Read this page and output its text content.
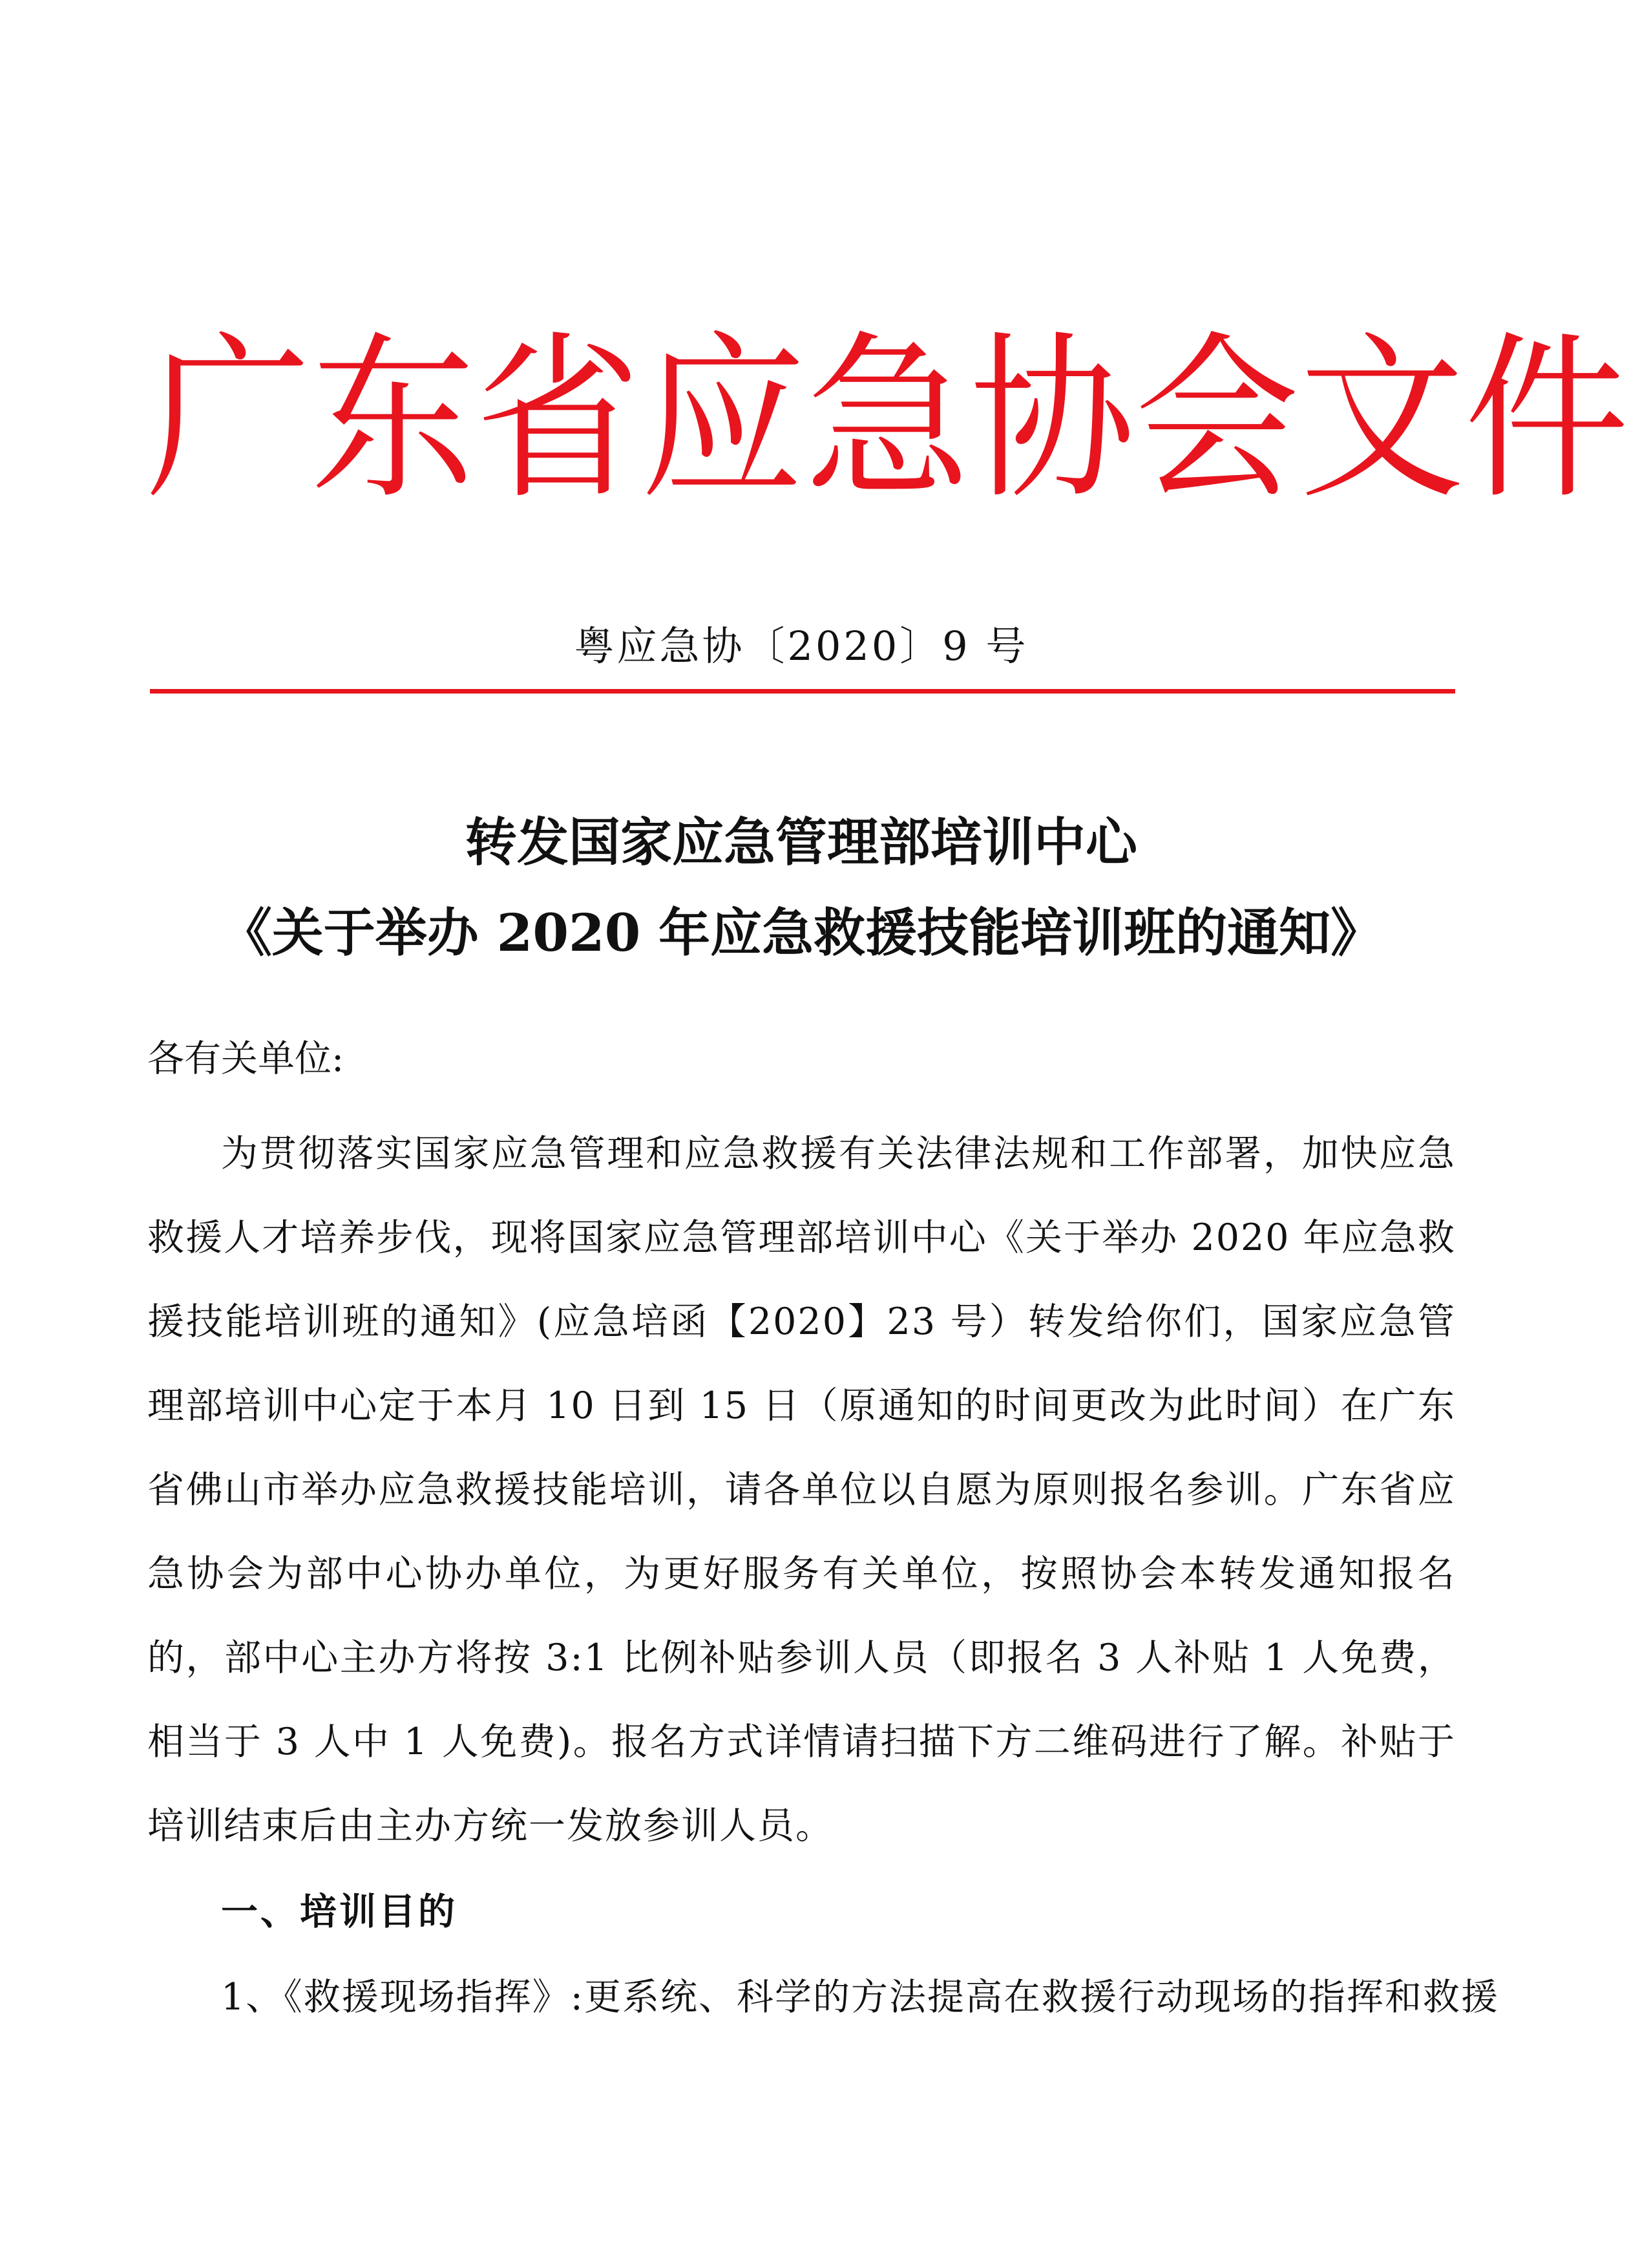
广 东 省 应 急 协 会 文 件
粤应急协〔2020〕9 号
转发国家应急管理部培训中心
《关于举办 2020 年应急救援技能培训班的通知》
各有关单位:
为贯彻落实国家应急管理和应急救援有关法律法规和工作部署，加快应急救援人才培养步伐，现将国家应急管理部培训中心《关于举办 2020 年应急救援技能培训班的通知》(应急培函【2020】23 号）转发给你们，国家应急管理部培训中心定于本月 10 日到 15 日（原通知的时间更改为此时间）在广东省佛山市举办应急救援技能培训，请各单位以自愿为原则报名参训。广东省应急协会为部中心协办单位，为更好服务有关单位，按照协会本转发通知报名的，部中心主办方将按 3:1 比例补贴参训人员（即报名 3 人补贴 1 人免费，相当于 3 人中 1 人免费)。报名方式详情请扫描下方二维码进行了解。补贴于培训结束后由主办方统一发放参训人员。
一、培训目的
1、《救援现场指挥》:更系统、科学的方法提高在救援行动现场的指挥和救援
